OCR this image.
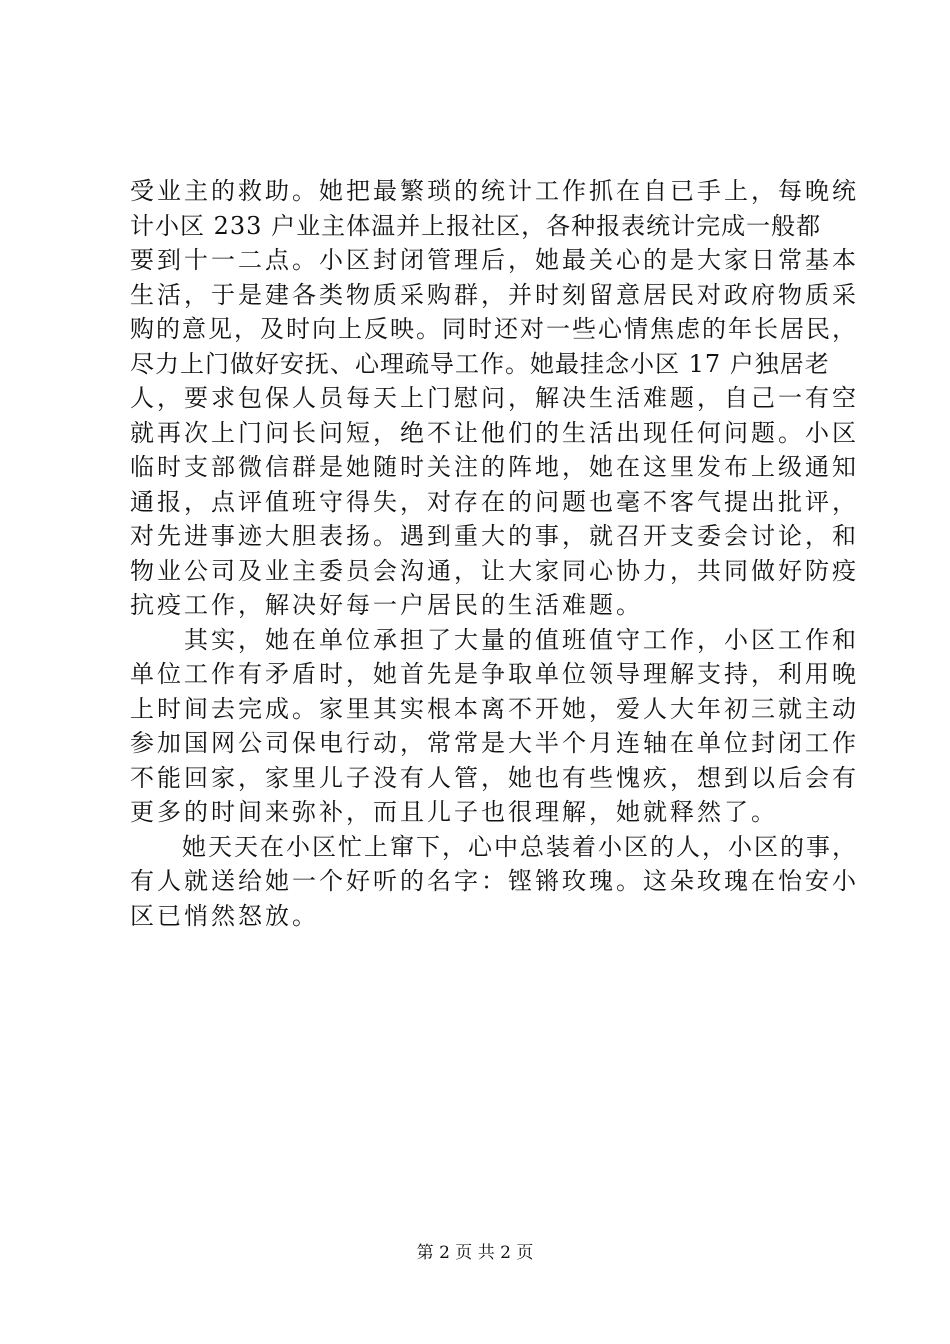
受业主的救助。她把最繁琐的统计工作抓在自已手上，每晚统
计小区 233 户业主体温并上报社区，各种报表统计完成一般都
要到十一二点。小区封闭管理后，她最关心的是大家日常基本
生活，于是建各类物质采购群，并时刻留意居民对政府物质采
购的意见，及时向上反映。同时还对一些心情焦虑的年长居民，
尽力上门做好安抚、心理疏导工作。她最挂念小区 17 户独居老
人，要求包保人员每天上门慰问，解决生活难题，自己一有空
就再次上门问长问短，绝不让他们的生活出现任何问题。小区
临时支部微信群是她随时关注的阵地，她在这里发布上级通知
通报，点评值班守得失，对存在的问题也毫不客气提出批评，
对先进事迹大胆表扬。遇到重大的事，就召开支委会讨论，和
物业公司及业主委员会沟通，让大家同心协力，共同做好防疫
抗疫工作，解决好每一户居民的生活难题。
　　其实，她在单位承担了大量的值班值守工作，小区工作和
单位工作有矛盾时，她首先是争取单位领导理解支持，利用晚
上时间去完成。家里其实根本离不开她，爱人大年初三就主动
参加国网公司保电行动，常常是大半个月连轴在单位封闭工作
不能回家，家里儿子没有人管，她也有些愧疚，想到以后会有
更多的时间来弥补，而且儿子也很理解，她就释然了。
　　她天天在小区忙上窜下，心中总装着小区的人，小区的事，
有人就送给她一个好听的名字：铿锵玫瑰。这朵玫瑰在怡安小
区已悄然怒放。
第 2 页 共 2 页
